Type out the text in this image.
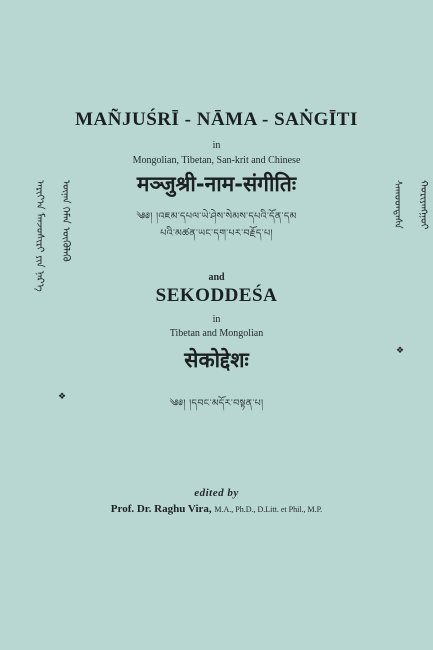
MAÑJUŚRĪ - NĀMA - SAṄGĪTI
in
Mongolian, Tibetan, San-krit and Chinese
मञ्जुश्री-नाम-संगीतिः
༄༅། །འཇམ་དཔལ་ཡེ་ཤེས་སེམས་དཔའི་དོན་དམ
པའི་མཚན་ཡང་དག་པར་བརྗོད་པ།
and
SEKODDEŚA
in
Tibetan and Mongolian
सेकोद्देशः
༄༅། །དབང་མདོར་བསྟན་པ།
edited by
Prof. Dr. Raghu Vira, M.A., Ph.D., D.Litt. et Phil., M.P.
ᠠᠷᠢᠶ᠎ᠠ ᠮᠠᠨᠵᠤᠰᠢᠷᠢ ᠶᠢᠨ ᠨᠡᠷ᠎ᠡ	ᠦᠨᠡᠨ ᠬᠡᠮᠡᠨ ᠦᠭᠦᠯᠡᠬᠦ
❖
ᠰᠡᠬᠣᠳᠳᠡᠰᠠ	ᠬᠤᠷᠢᠶᠠᠩᠭᠤᠢ
❖
